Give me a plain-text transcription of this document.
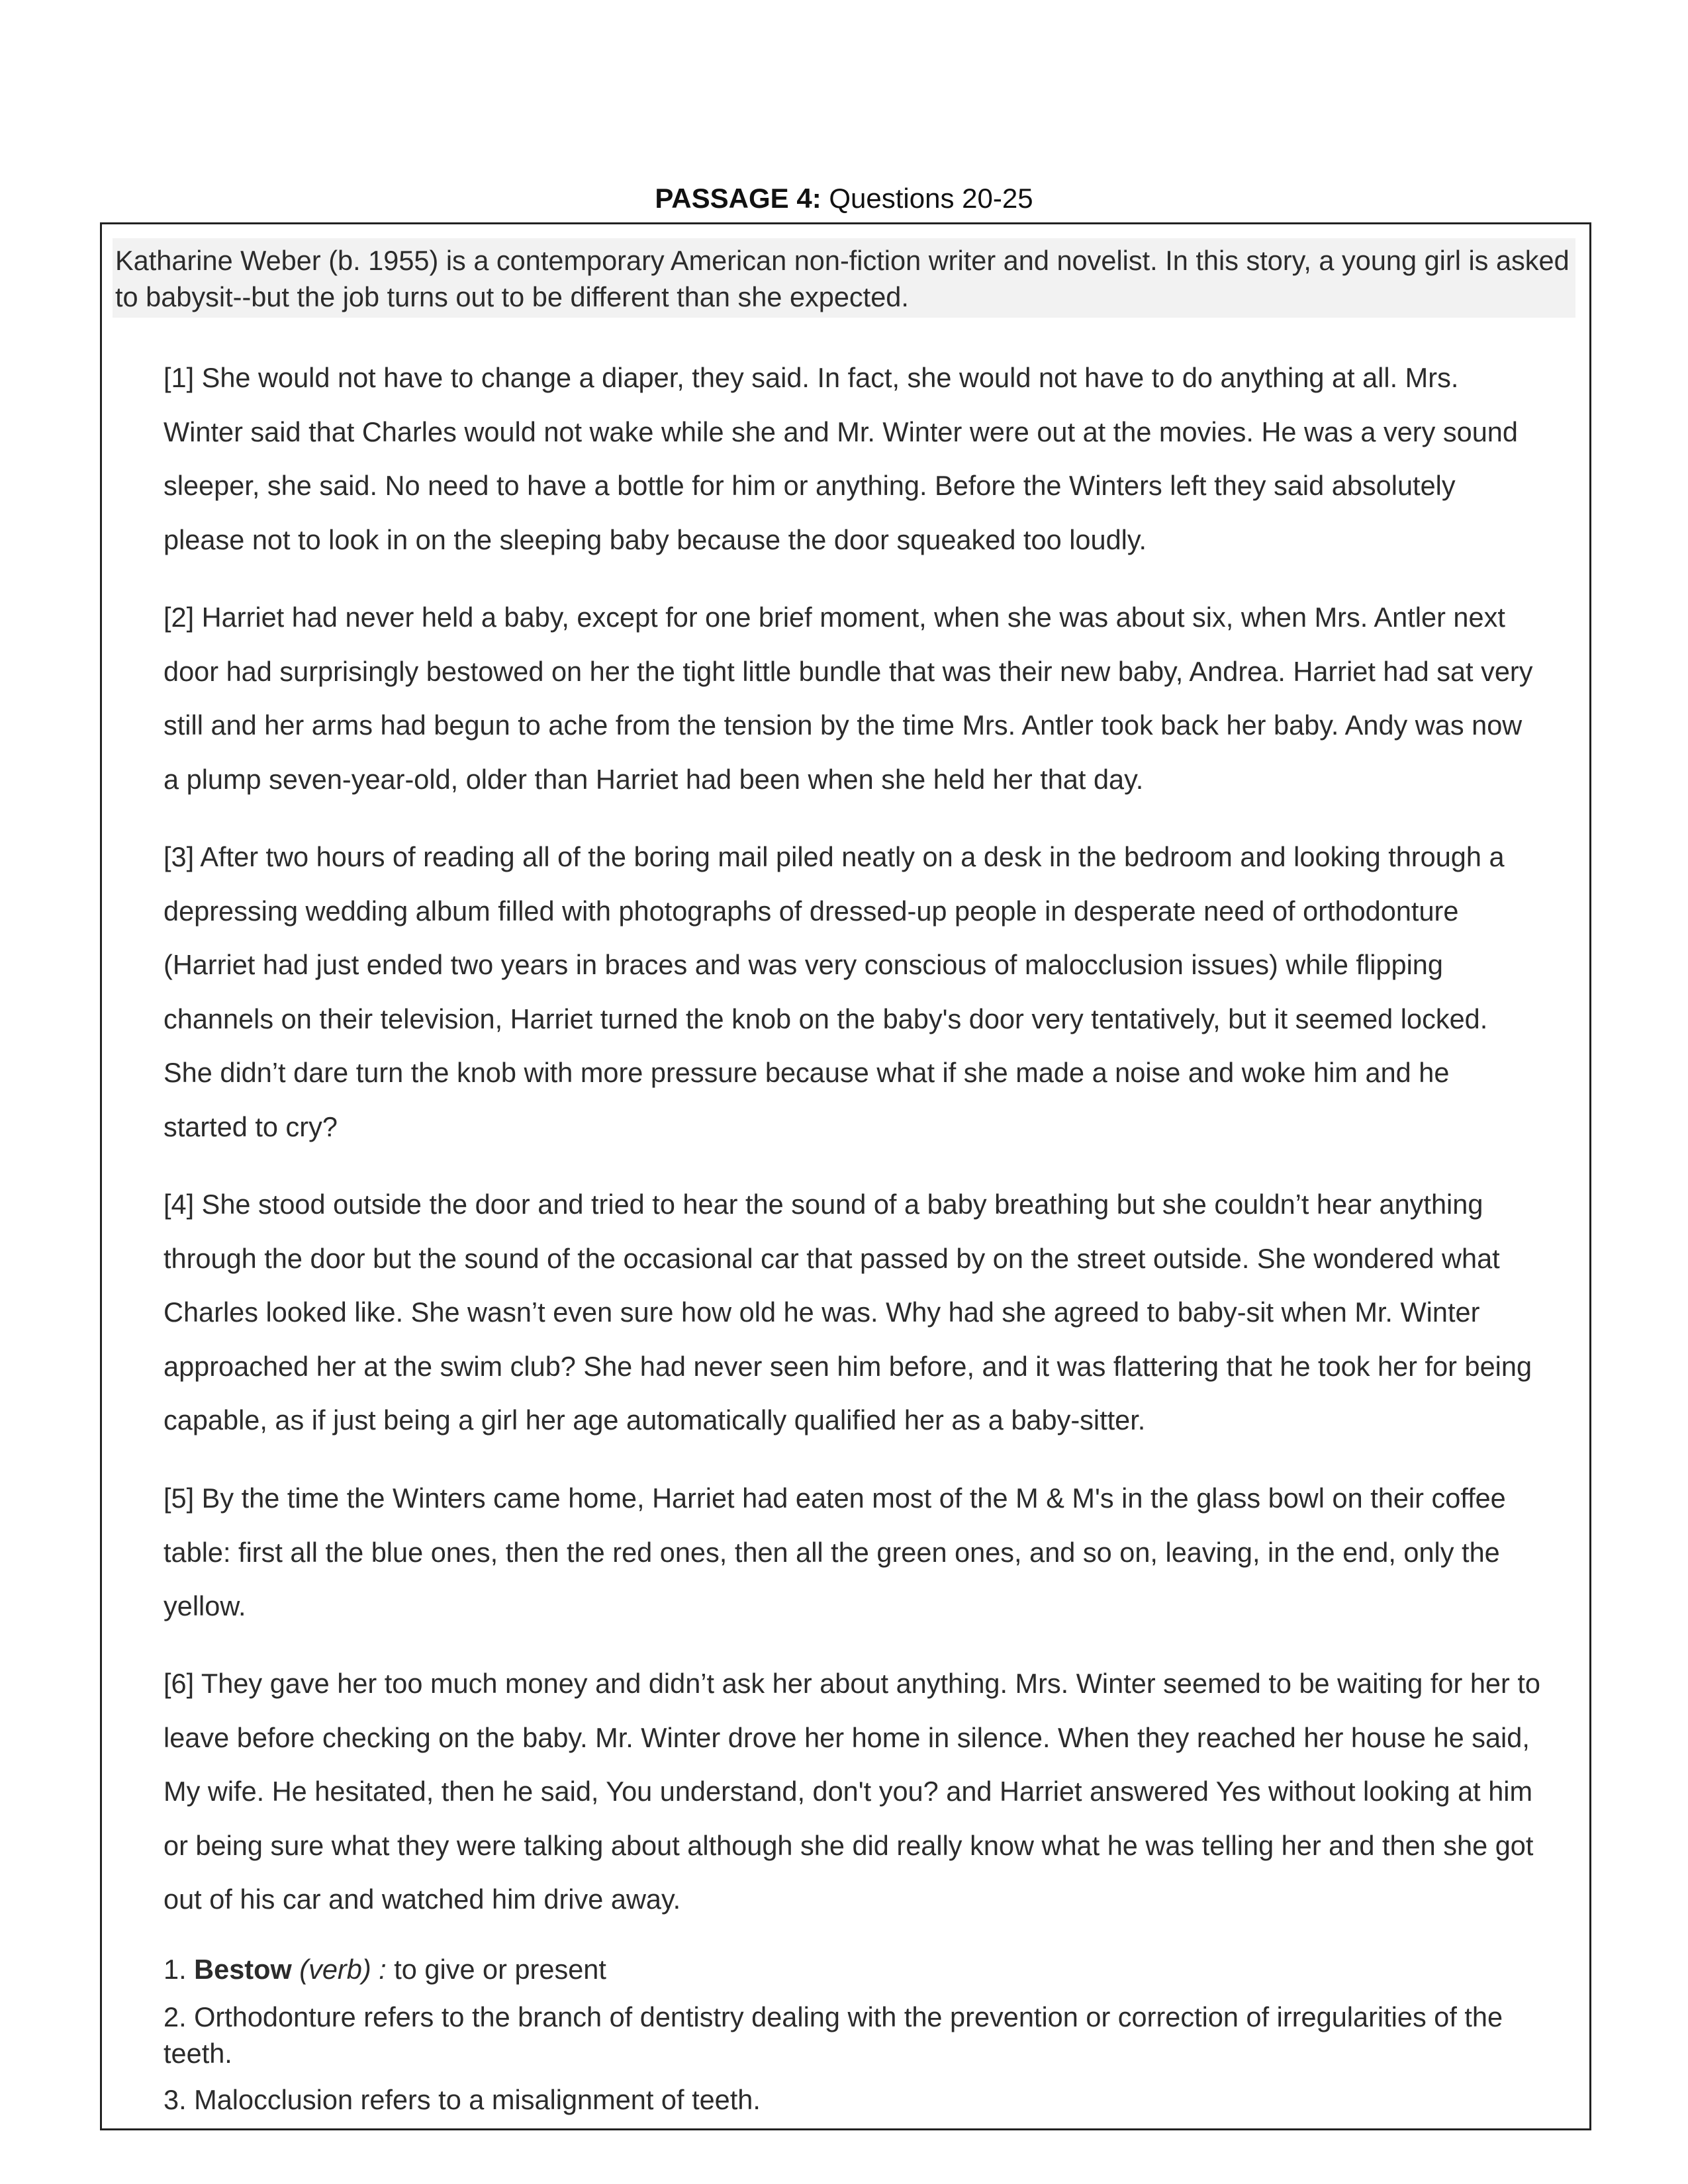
PASSAGE 4: Questions 20-25
Katharine Weber (b. 1955) is a contemporary American non-fiction writer and novelist. In this story, a young girl is asked to babysit--but the job turns out to be different than she expected.

[1] She would not have to change a diaper, they said. In fact, she would not have to do anything at all. Mrs. Winter said that Charles would not wake while she and Mr. Winter were out at the movies. He was a very sound sleeper, she said. No need to have a bottle for him or anything. Before the Winters left they said absolutely please not to look in on the sleeping baby because the door squeaked too loudly.

[2] Harriet had never held a baby, except for one brief moment, when she was about six, when Mrs. Antler next door had surprisingly bestowed on her the tight little bundle that was their new baby, Andrea. Harriet had sat very still and her arms had begun to ache from the tension by the time Mrs. Antler took back her baby. Andy was now a plump seven-year-old, older than Harriet had been when she held her that day.

[3] After two hours of reading all of the boring mail piled neatly on a desk in the bedroom and looking through a depressing wedding album filled with photographs of dressed-up people in desperate need of orthodonture (Harriet had just ended two years in braces and was very conscious of malocclusion issues) while flipping channels on their television, Harriet turned the knob on the baby's door very tentatively, but it seemed locked. She didn’t dare turn the knob with more pressure because what if she made a noise and woke him and he started to cry?

[4] She stood outside the door and tried to hear the sound of a baby breathing but she couldn’t hear anything through the door but the sound of the occasional car that passed by on the street outside. She wondered what Charles looked like. She wasn’t even sure how old he was. Why had she agreed to baby-sit when Mr. Winter approached her at the swim club? She had never seen him before, and it was flattering that he took her for being capable, as if just being a girl her age automatically qualified her as a baby-sitter.

[5] By the time the Winters came home, Harriet had eaten most of the M & M's in the glass bowl on their coffee table: first all the blue ones, then the red ones, then all the green ones, and so on, leaving, in the end, only the yellow.

[6] They gave her too much money and didn’t ask her about anything. Mrs. Winter seemed to be waiting for her to leave before checking on the baby. Mr. Winter drove her home in silence. When they reached her house he said, My wife. He hesitated, then he said, You understand, don't you? and Harriet answered Yes without looking at him or being sure what they were talking about although she did really know what he was telling her and then she got out of his car and watched him drive away.

1. Bestow (verb) : to give or present

2. Orthodonture refers to the branch of dentistry dealing with the prevention or correction of irregularities of the teeth.

3. Malocclusion refers to a misalignment of teeth.
